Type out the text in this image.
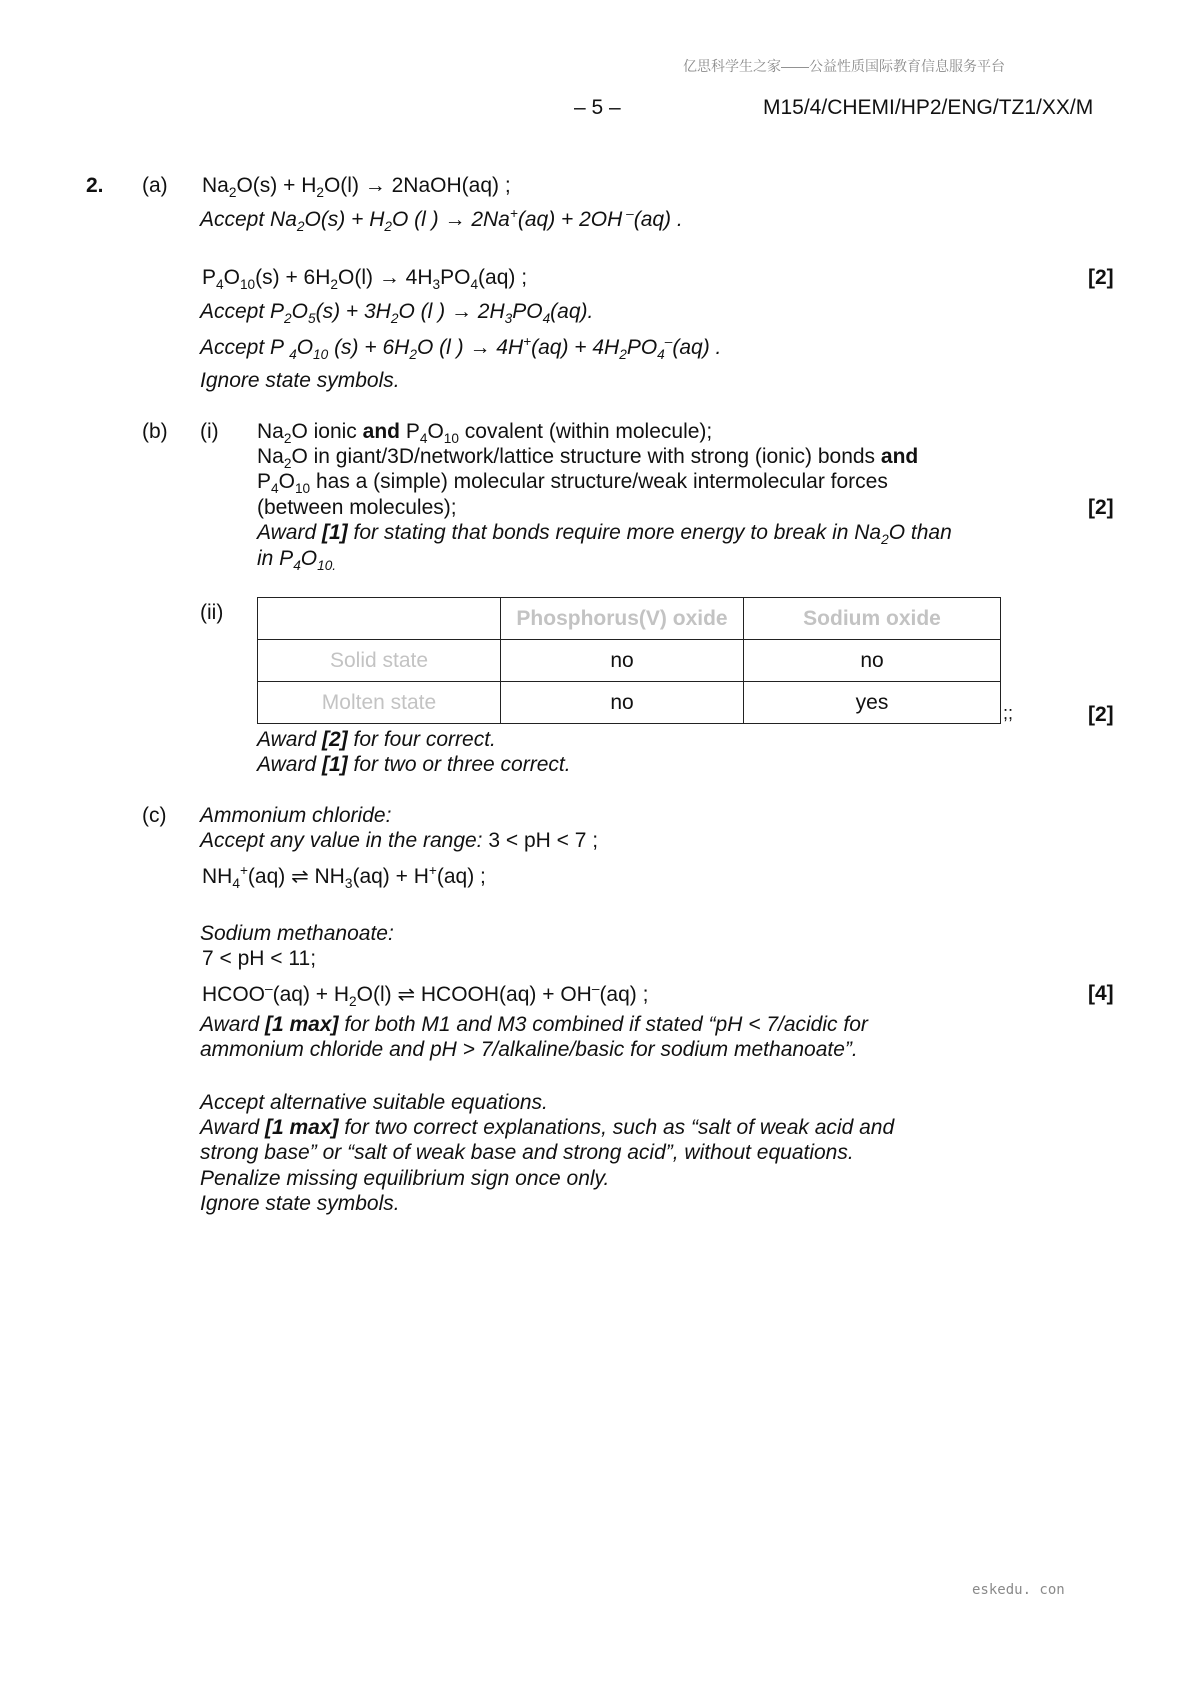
亿思科学生之家——公益性质国际教育信息服务平台
– 5 –	M15/4/CHEMI/HP2/ENG/TZ1/XX/M
2. (a) $Na_2O(s) + H_2O(l)$ → 2NaOH(aq) ;
Accept $Na_2O(s) + H_2O$ (l ) → 2Na+(aq) + 2OH –(aq) .
$P_4O_{10}(s) + 6H_2O(l) \to 4H_3PO_4(aq)$ ;	[2]
Accept $P_2O_5(s) + 3H_2O$ (l ) → $2H_3PO_4(aq)$.
Accept P $_4O_{10}$ $(s) + 6H_2O$ (l ) → $4H^+(aq) + 4H_2PO_4^-(aq)$ .
Ignore state symbols.
(b) (i) $Na_2O$ ionic and $P_4O_{10}$ covalent (within molecule);
$Na_2O$ in giant/3D/network/lattice structure with strong (ionic) bonds and
$P_4O_{10}$ has a (simple) molecular structure/weak intermolecular forces
(between molecules);	[2]
Award [1] for stating that bonds require more energy to break in $Na_2O$ than
in $P_4O_{10.}$
(ii)
		Phosphorus(V) oxide	Sodium oxide
Solid state	no	no
Molten state	no	yes	;;	[2]
Award [2] for four correct.
Award [1] for two or three correct.
(c) Ammonium chloride:
Accept any value in the range: 3 < pH < 7 ;
$NH_4^+(aq)$ ⇌ $NH_3(aq) + H^+(aq)$ ;
Sodium methanoate:
7 < pH < 11;
HCOO–(aq) + $H_2O(l)$ ⇌ HCOOH(aq) + OH–(aq) ;	[4]
Award [1 max] for both M1 and M3 combined if stated “pH < 7/acidic for
ammonium chloride and pH > 7/alkaline/basic for sodium methanoate”.
Accept alternative suitable equations.
Award [1 max] for two correct explanations, such as “salt of weak acid and
strong base” or “salt of weak base and strong acid”, without equations.
Penalize missing equilibrium sign once only.
Ignore state symbols.
eskedu. con
